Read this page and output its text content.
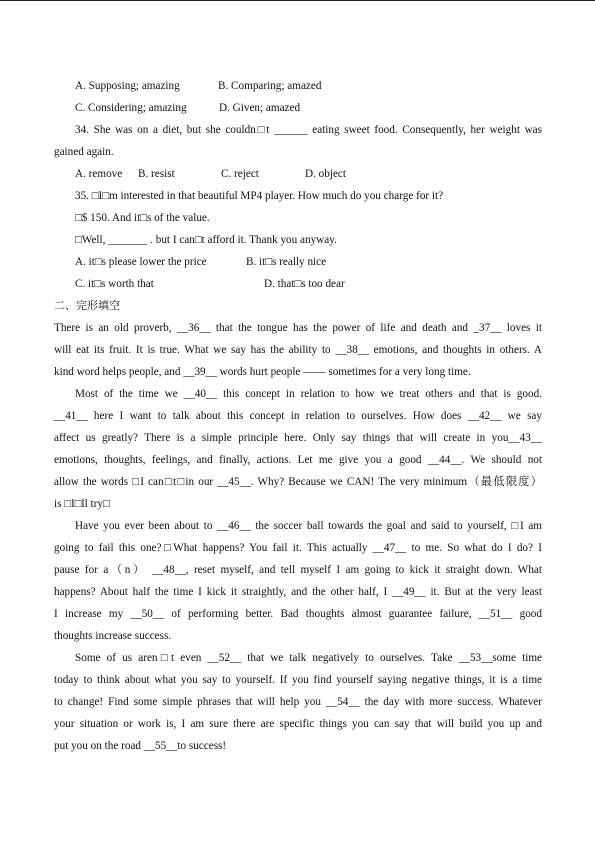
A. Supposing; amazing	B. Comparing; amazed
C. Considering; amazing	D. Given; amazed
34. She was on a diet, but she couldn□t ______ eating sweet food. Consequently, her weight was
gained again.
A. remove B. resist	C. reject	D. object
35. □I□m interested in that beautiful MP4 player. How much do you charge for it?
□$ 150. And it□s of the value.
□Well, _______ . but I can□t afford it. Thank you anyway.
A. it□s please lower the price	B. it□s really nice
C. it□s worth that	D. that□s too dear
二、完形填空
There is an old proverb, __36__ that the tongue has the power of life and death and _37__ loves it
will eat its fruit. It is true. What we say has the ability to __38__ emotions, and thoughts in others. A
kind word helps people, and __39__ words hurt people —— sometimes for a very long time.
Most of the time we __40__ this concept in relation to how we treat others and that is good.
__41__ here I want to talk about this concept in relation to ourselves. How does __42__ we say
affect us greatly? There is a simple principle here. Only say things that will create in you__43__
emotions, thoughts, feelings, and finally, actions. Let me give you a good __44__. We should not
allow the words □I can□t□in our __45__. Why? Because we CAN! The very minimum（最低限度）
is □I□ll try□
Have you ever been about to __46__ the soccer ball towards the goal and said to yourself, □I am
going to fail this one?□What happens? You fail it. This actually __47__ to me. So what do I do? I
pause for a（n） __48__, reset myself, and tell myself I am going to kick it straight down. What
happens? About half the time I kick it straightly, and the other half, I __49__ it. But at the very least
I increase my __50__ of performing better. Bad thoughts almost guarantee failure, __51__ good
thoughts increase success.
Some of us aren□t even __52__ that we talk negatively to ourselves. Take __53__some time
today to think about what you say to yourself. If you find yourself saying negative things, it is a time
to change! Find some simple phrases that will help you __54__ the day with more success. Whatever
your situation or work is, I am sure there are specific things you can say that will build you up and
put you on the road __55__to success!
